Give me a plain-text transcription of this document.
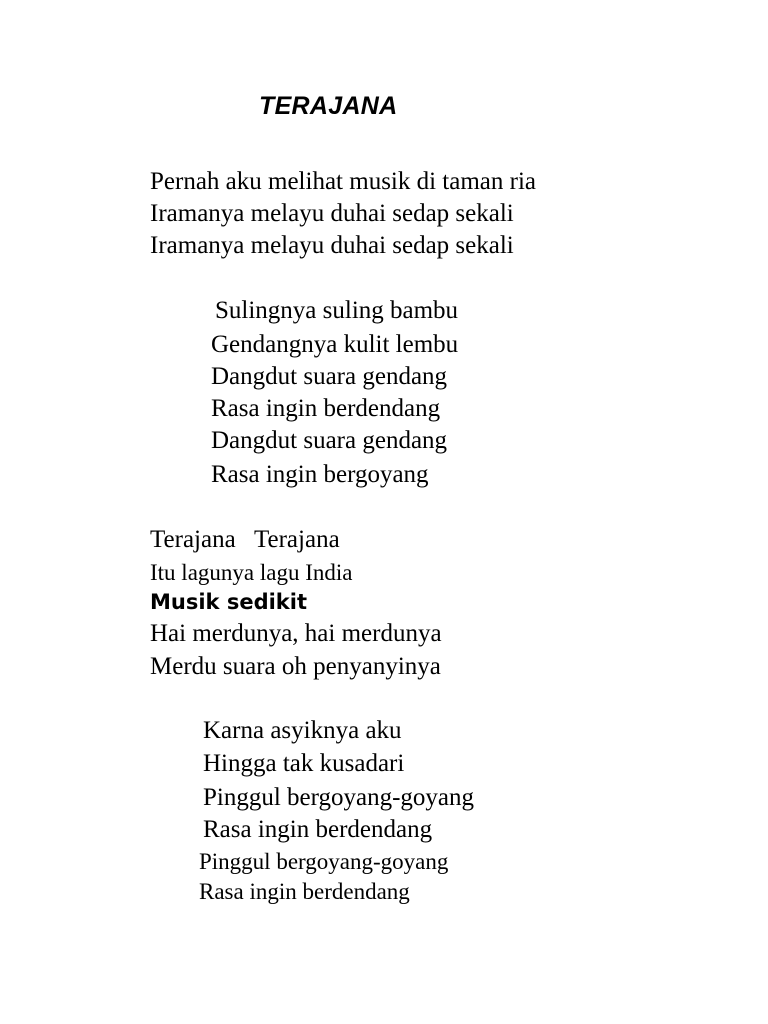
TERAJANA

Pernah aku melihat musik di taman ria

Iramanya melayu duhai sedap sekali

Iramanya melayu duhai sedap sekali

Sulingnya suling bambu

Gendangnya kulit lembu

Dangdut suara gendang

Rasa ingin berdendang

Dangdut suara gendang

Rasa ingin bergoyang

Terajana   Terajana

Itu lagunya lagu India

Musik sedikit

Hai merdunya, hai merdunya

Merdu suara oh penyanyinya

Karna asyiknya aku

Hingga tak kusadari

Pinggul bergoyang-goyang

Rasa ingin berdendang

Pinggul bergoyang-goyang

Rasa ingin berdendang
